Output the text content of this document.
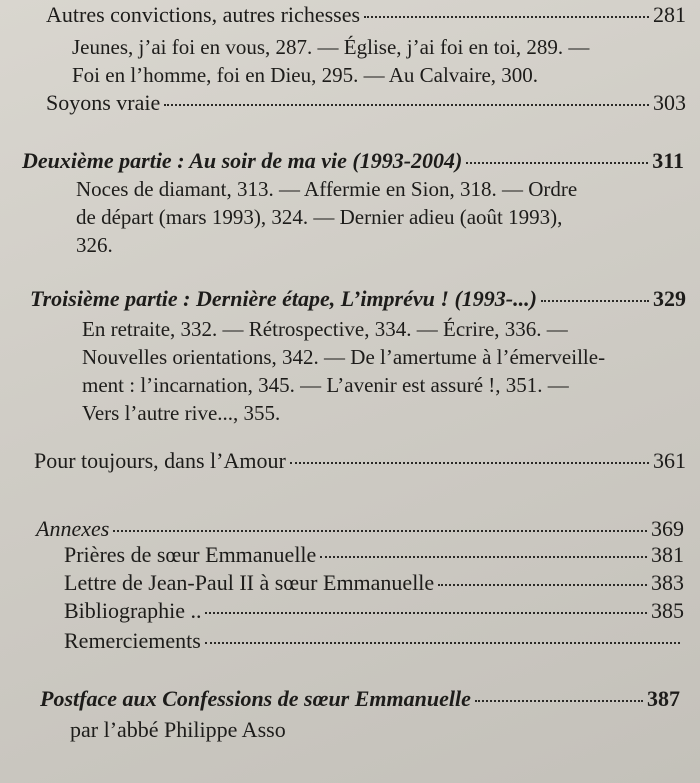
Autres convictions, autres richesses	281
Jeunes, j’ai foi en vous, 287. — Église, j’ai foi en toi, 289. —
Foi en l’homme, foi en Dieu, 295. — Au Calvaire, 300.
Soyons vraie	303
Deuxième partie : Au soir de ma vie (1993-2004)	311
Noces de diamant, 313. — Affermie en Sion, 318. — Ordre
de départ (mars 1993), 324. — Dernier adieu (août 1993),
326.
Troisième partie : Dernière étape, L’imprévu ! (1993-...)	329
En retraite, 332. — Rétrospective, 334. — Écrire, 336. —
Nouvelles orientations, 342. — De l’amertume à l’émerveille-
ment : l’incarnation, 345. — L’avenir est assuré !, 351. —
Vers l’autre rive..., 355.
Pour toujours, dans l’Amour	361
Annexes	369
Prières de sœur Emmanuelle	381
Lettre de Jean-Paul II à sœur Emmanuelle	383
Bibliographie ..	385
Remerciements
Postface aux Confessions de sœur Emmanuelle	387
par l’abbé Philippe Asso
